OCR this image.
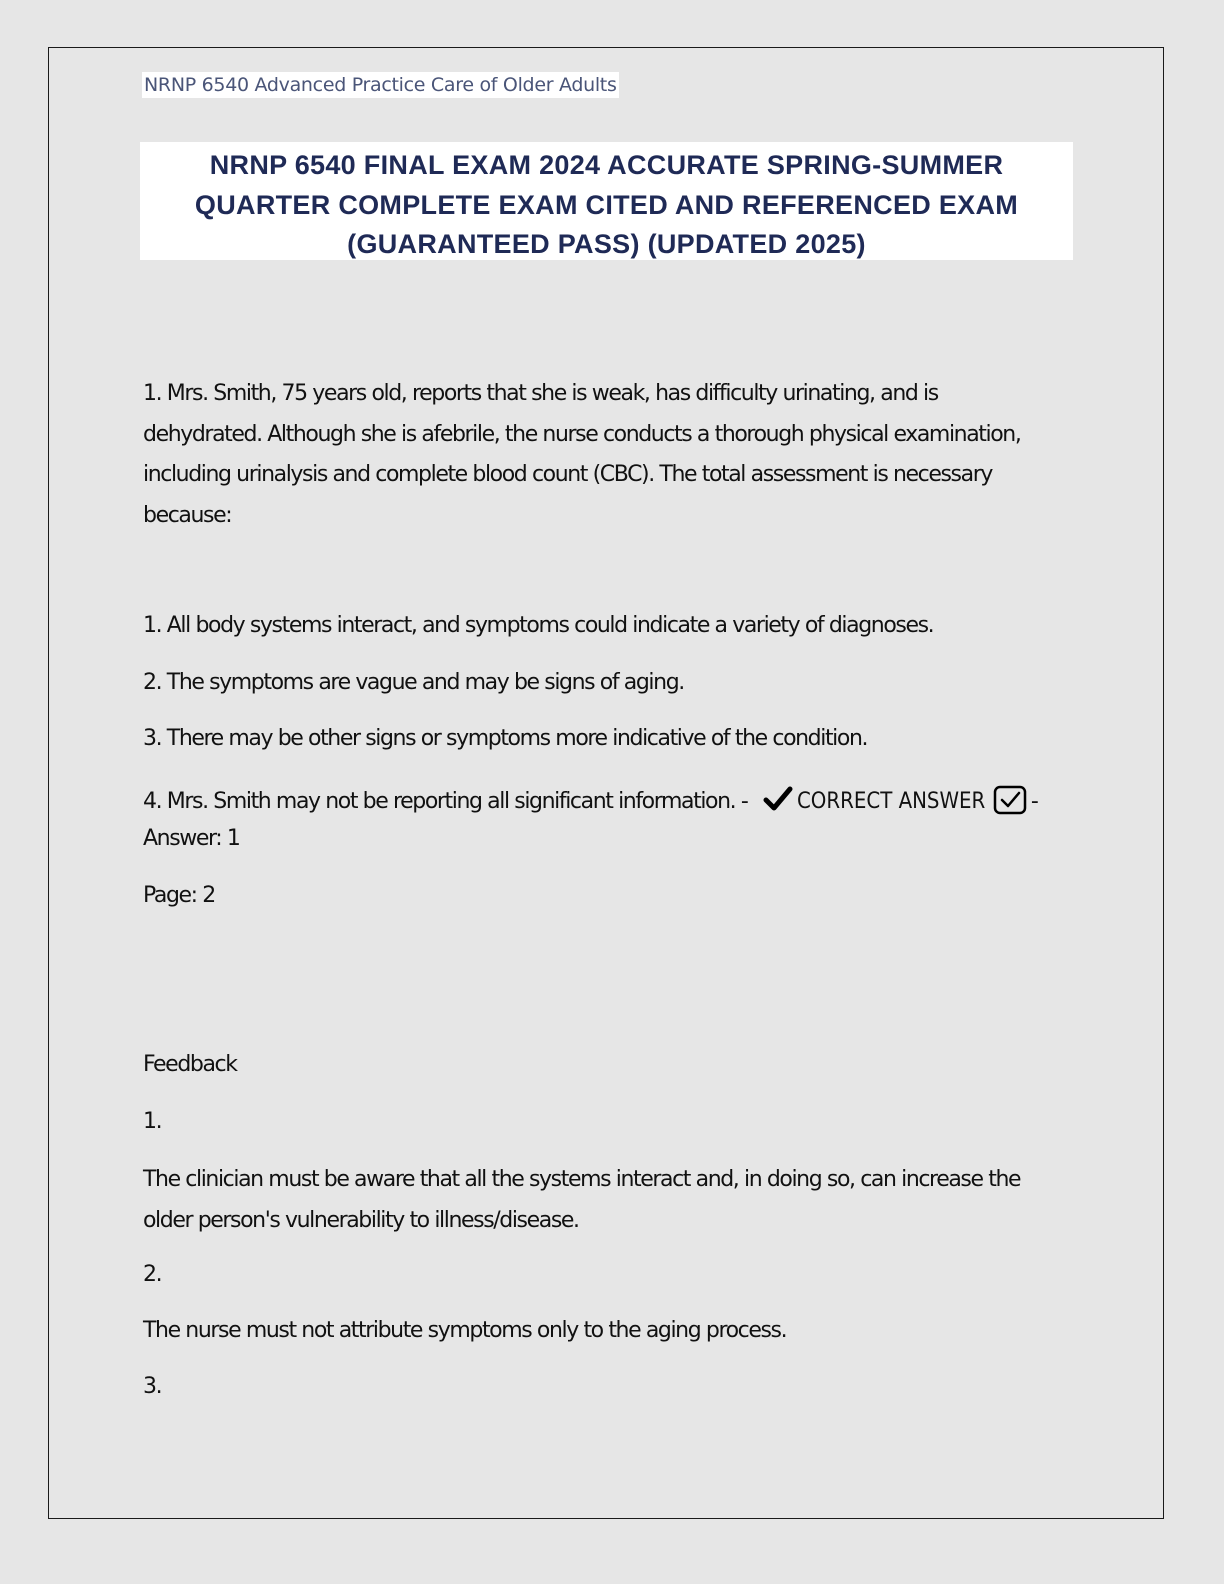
NRNP 6540 Advanced Practice Care of Older Adults
NRNP 6540 FINAL EXAM 2024 ACCURATE SPRING-SUMMER
QUARTER COMPLETE EXAM CITED AND REFERENCED EXAM
(GUARANTEED PASS) (UPDATED 2025)
1. Mrs. Smith, 75 years old, reports that she is weak, has difficulty urinating, and is
dehydrated. Although she is afebrile, the nurse conducts a thorough physical examination,
including urinalysis and complete blood count (CBC). The total assessment is necessary
because:
1. All body systems interact, and symptoms could indicate a variety of diagnoses.
2. The symptoms are vague and may be signs of aging.
3. There may be other signs or symptoms more indicative of the condition.
4. Mrs. Smith may not be reporting all significant information. - CORRECT ANSWER -
Answer: 1
Page: 2
Feedback
1.
The clinician must be aware that all the systems interact and, in doing so, can increase the
older person's vulnerability to illness/disease.
2.
The nurse must not attribute symptoms only to the aging process.
3.
